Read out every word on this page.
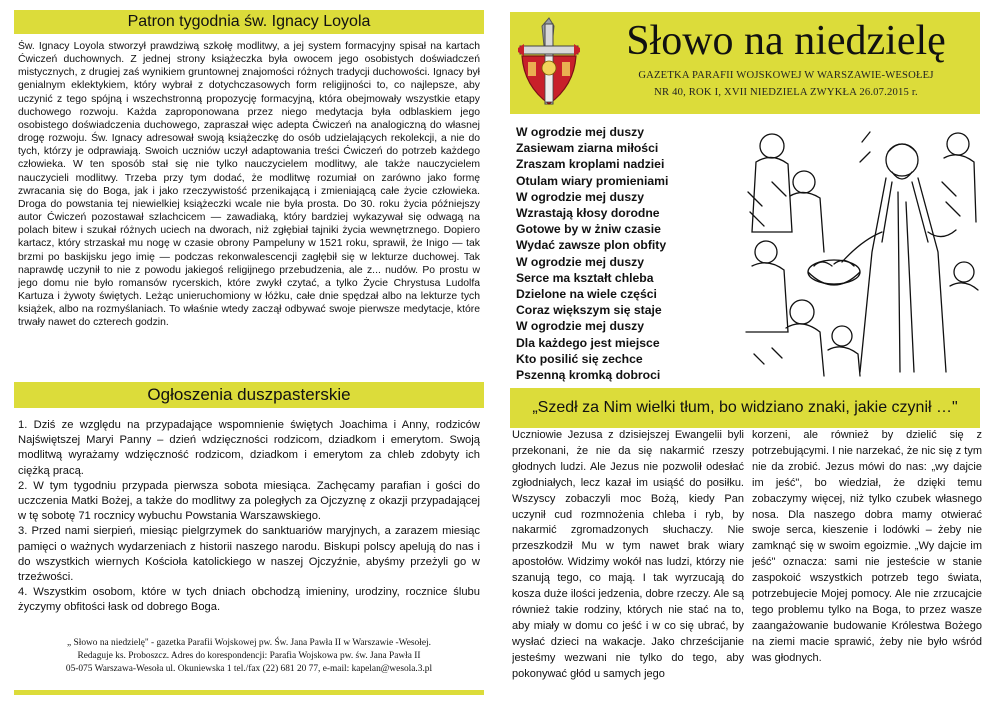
Patron tygodnia św. Ignacy Loyola
Św. Ignacy Loyola stworzył prawdziwą szkołę modlitwy, a jej system formacyjny spisał na kartach Ćwiczeń duchownych. Z jednej strony książeczka była owocem jego osobistych doświadczeń mistycznych, z drugiej zaś wynikiem gruntownej znajomości różnych tradycji duchowości. Ignacy był genialnym eklektykiem, który wybrał z dotychczasowych form religijności to, co najlepsze, aby uczynić z tego spójną i wszechstronną propozycję formacyjną, która obejmowały wszystkie etapy duchowego rozwoju. Każda zaproponowana przez niego medytacja była odblaskiem jego osobistego doświadczenia duchowego, zapraszał więc adepta Ćwiczeń na analogiczną do własnej drogę rozwoju. Św. Ignacy adresował swoją książeczkę do osób udzielających rekolekcji, a nie do tych, którzy je odprawiają. Swoich uczniów uczył adaptowania treści Ćwiczeń do potrzeb każdego człowieka. W ten sposób stał się nie tylko nauczycielem modlitwy, ale także nauczycielem nauczycieli modlitwy. Trzeba przy tym dodać, że modlitwę rozumiał on zarówno jako formę zwracania się do Boga, jak i jako rzeczywistość przenikającą i zmieniającą całe życie człowieka. Droga do powstania tej niewielkiej książeczki wcale nie była prosta. Do 30. roku życia późniejszy autor Ćwiczeń pozostawał szlachcicem — zawadiaką, który bardziej wykazywał się odwagą na polach bitew i szukał różnych uciech na dworach, niż zgłębiał tajniki życia wewnętrznego. Dopiero kartacz, który strzaskał mu nogę w czasie obrony Pampeluny w 1521 roku, sprawił, że Inigo — tak brzmi po baskijsku jego imię — podczas rekonwalescencji zagłębił się w lekturze duchowej. Tak naprawdę uczynił to nie z powodu jakiegoś religijnego przebudzenia, ale z... nudów. Po prostu w jego domu nie było romansów rycerskich, które zwykł czytać, a tylko Życie Chrystusa Ludolfa Kartuza i żywoty świętych. Leżąc unieruchomiony w łóżku, całe dnie spędzał albo na lekturze tych książek, albo na rozmyślaniach. To właśnie wtedy zaczął odbywać swoje pierwsze medytacje, które trwały nawet do czterech godzin.
Ogłoszenia duszpasterskie

1. Dziś ze względu na przypadające wspomnienie świętych Joachima i Anny, rodziców Najświętszej Maryi Panny – dzień wdzięczności rodzicom, dziadkom i emerytom. Swoją modlitwą wyrażamy wdzięczność rodzicom, dziadkom i emerytom za chleb zdobyty ich ciężką pracą.

2. W tym tygodniu przypada pierwsza sobota miesiąca. Zachęcamy parafian i gości do uczczenia Matki Bożej, a także do modlitwy za poległych za Ojczyznę z okazji przypadającej w tę sobotę 71 rocznicy wybuchu Powstania Warszawskiego.

3. Przed nami sierpień, miesiąc pielgrzymek do sanktuariów maryjnych, a zarazem miesiąc pamięci o ważnych wydarzeniach z historii naszego narodu. Biskupi polscy apelują do nas i do wszystkich wiernych Kościoła katolickiego w naszej Ojczyźnie, abyśmy przeżyli go w trzeźwości.

4. Wszystkim osobom, które w tych dniach obchodzą imieniny, urodziny, rocznice ślubu życzymy obfitości łask od dobrego Boga.

„ Słowo na niedzielę" - gazetka Parafii Wojskowej pw. Św. Jana Pawła II w Warszawie -Wesołej.
Redaguje ks. Proboszcz. Adres do korespondencji: Parafia Wojskowa pw. św. Jana Pawła II
05-075 Warszawa-Wesoła ul. Okuniewska 1 tel./fax (22) 681 20 77, e-mail: kapelan@wesola.3.pl
Słowo na niedzielę
GAZETKA PARAFII WOJSKOWEJ W WARSZAWIE-WESOŁEJ
NR 40, ROK I, XVII NIEDZIELA ZWYKŁA 26.07.2015 r.
W ogrodzie mej duszy
Zasiewam ziarna miłości
Zraszam kroplami nadziei
Otulam wiary promieniami
W ogrodzie mej duszy
Wzrastają kłosy dorodne
Gotowe by w żniw czasie
Wydać zawsze plon obfity
W ogrodzie mej duszy
Serce ma kształt chleba
Dzielone na wiele części
Coraz większym się staje
W ogrodzie mej duszy
Dla każdego jest miejsce
Kto posilić się zechce
Pszenną kromką dobroci
„Szedł za Nim wielki tłum, bo widziano znaki, jakie czynił …"
Uczniowie Jezusa z dzisiejszej Ewangelii byli przekonani, że nie da się nakarmić rzeszy głodnych ludzi. Ale Jezus nie pozwolił odesłać zgłodniałych, lecz kazał im usiąść do posiłku. Wszyscy zobaczyli moc Bożą, kiedy Pan uczynił cud rozmnożenia chleba i ryb, by nakarmić zgromadzonych słuchaczy. Nie przeszkodził Mu w tym nawet brak wiary apostołów. Widzimy wokół nas ludzi, którzy nie szanują tego, co mają. I tak wyrzucają do kosza duże ilości jedzenia, dobre rzeczy. Ale są również takie rodziny, których nie stać na to, aby miały w domu co jeść i w co się ubrać, by wysłać dzieci na wakacje. Jako chrześcijanie jesteśmy wezwani nie tylko do tego, aby pokonywać głód u samych jego
korzeni, ale również by dzielić się z potrzebującymi. I nie narzekać, że nic się z tym nie da zrobić. Jezus mówi do nas: „wy dajcie im jeść", bo wiedział, że dzięki temu zobaczymy więcej, niż tylko czubek własnego nosa. Dla naszego dobra mamy otwierać swoje serca, kieszenie i lodówki – żeby nie zamknąć się w swoim egoizmie. „Wy dajcie im jeść" oznacza: sami nie jesteście w stanie zaspokoić wszystkich potrzeb tego świata, potrzebujecie Mojej pomocy. Ale nie zrzucajcie tego problemu tylko na Boga, to przez wasze zaangażowanie budowanie Królestwa Bożego na ziemi macie sprawić, żeby nie było wśród was głodnych.
